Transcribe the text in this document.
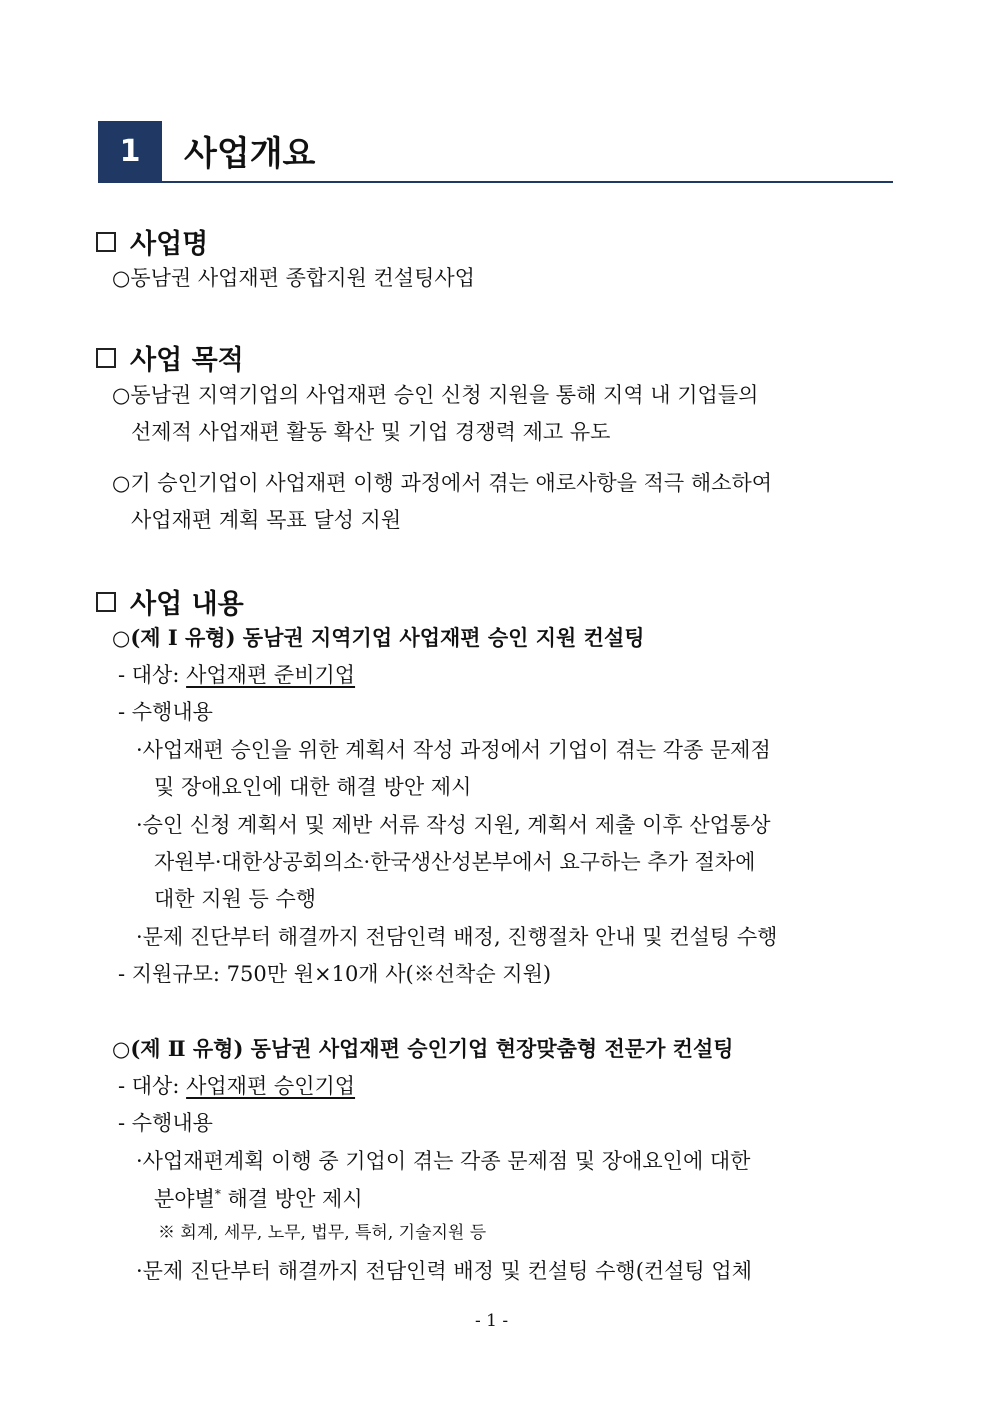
1	사업개요
사업명
○동남권 사업재편 종합지원 컨설팅사업
사업 목적
○동남권 지역기업의 사업재편 승인 신청 지원을 통해 지역 내 기업들의
선제적 사업재편 활동 확산 및 기업 경쟁력 제고 유도
○기 승인기업이 사업재편 이행 과정에서 겪는 애로사항을 적극 해소하여
사업재편 계획 목표 달성 지원
사업 내용
○(제 Ⅰ 유형) 동남권 지역기업 사업재편 승인 지원 컨설팅
- 대상: 사업재편 준비기업
- 수행내용
·사업재편 승인을 위한 계획서 작성 과정에서 기업이 겪는 각종 문제점
및 장애요인에 대한 해결 방안 제시
·승인 신청 계획서 및 제반 서류 작성 지원, 계획서 제출 이후 산업통상
자원부·대한상공회의소·한국생산성본부에서 요구하는 추가 절차에
대한 지원 등 수행
·문제 진단부터 해결까지 전담인력 배정, 진행절차 안내 및 컨설팅 수행
- 지원규모: 750만 원×10개 사(※선착순 지원)
○(제 Ⅱ 유형) 동남권 사업재편 승인기업 현장맞춤형 전문가 컨설팅
- 대상: 사업재편 승인기업
- 수행내용
·사업재편계획 이행 중 기업이 겪는 각종 문제점 및 장애요인에 대한
분야별* 해결 방안 제시
※ 회계, 세무, 노무, 법무, 특허, 기술지원 등
·문제 진단부터 해결까지 전담인력 배정 및 컨설팅 수행(컨설팅 업체
- 1 -
